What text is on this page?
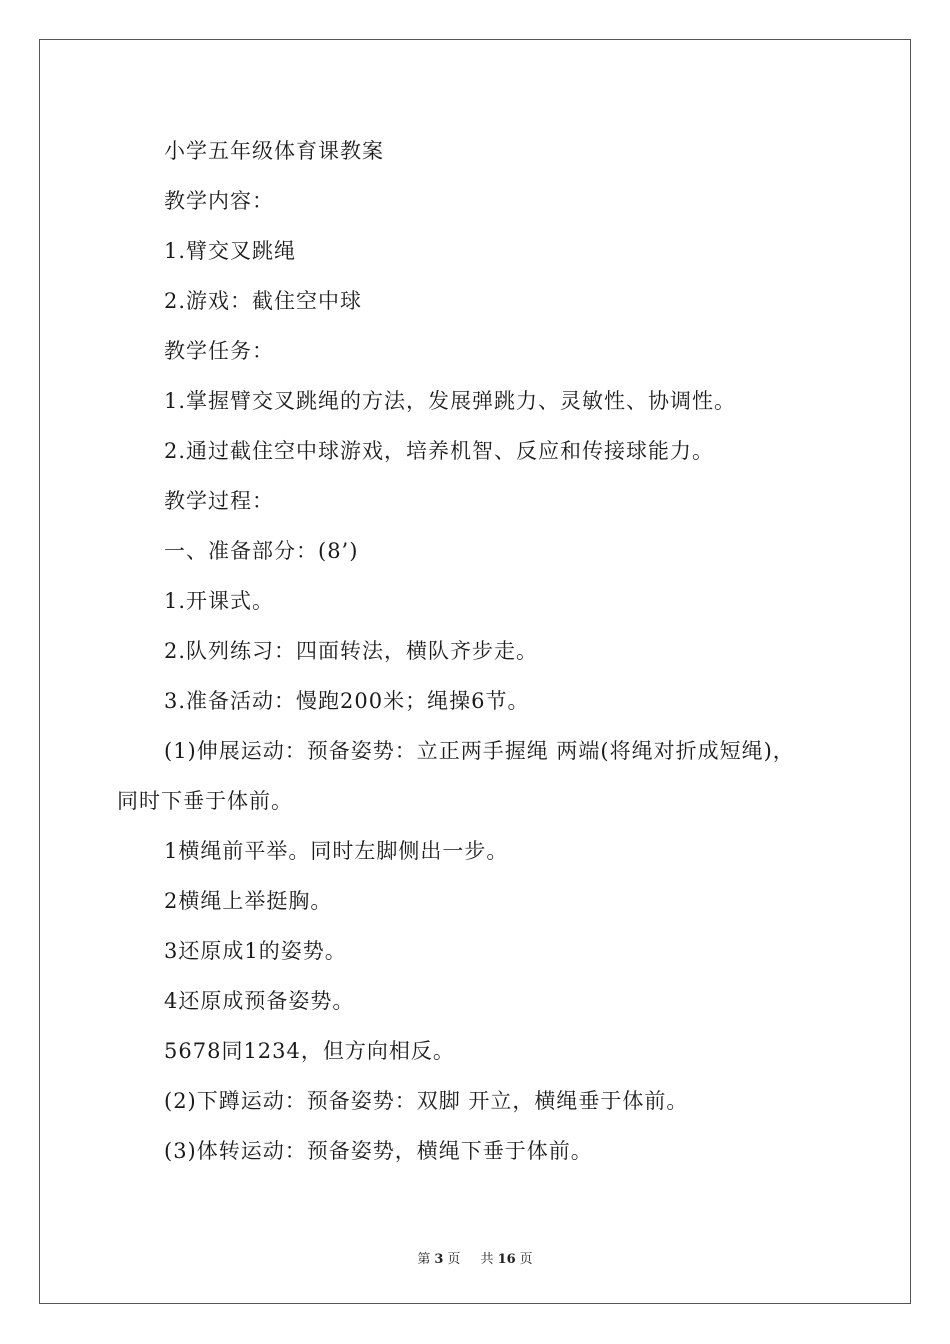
小学五年级体育课教案
教学内容：
1.臂交叉跳绳
2.游戏：截住空中球
教学任务：
1.掌握臂交叉跳绳的方法，发展弹跳力、灵敏性、协调性。
2.通过截住空中球游戏，培养机智、反应和传接球能力。
教学过程：
一、准备部分：(8’)
1.开课式。
2.队列练习：四面转法，横队齐步走。
3.准备活动：慢跑200米；绳操6节。
(1)伸展运动：预备姿势：立正两手握绳 两端(将绳对折成短绳)，
同时下垂于体前。
1横绳前平举。同时左脚侧出一步。
2横绳上举挺胸。
3还原成1的姿势。
4还原成预备姿势。
5678同1234，但方向相反。
(2)下蹲运动：预备姿势：双脚 开立，横绳垂于体前。
(3)体转运动：预备姿势，横绳下垂于体前。
第 3 页 共 16 页
